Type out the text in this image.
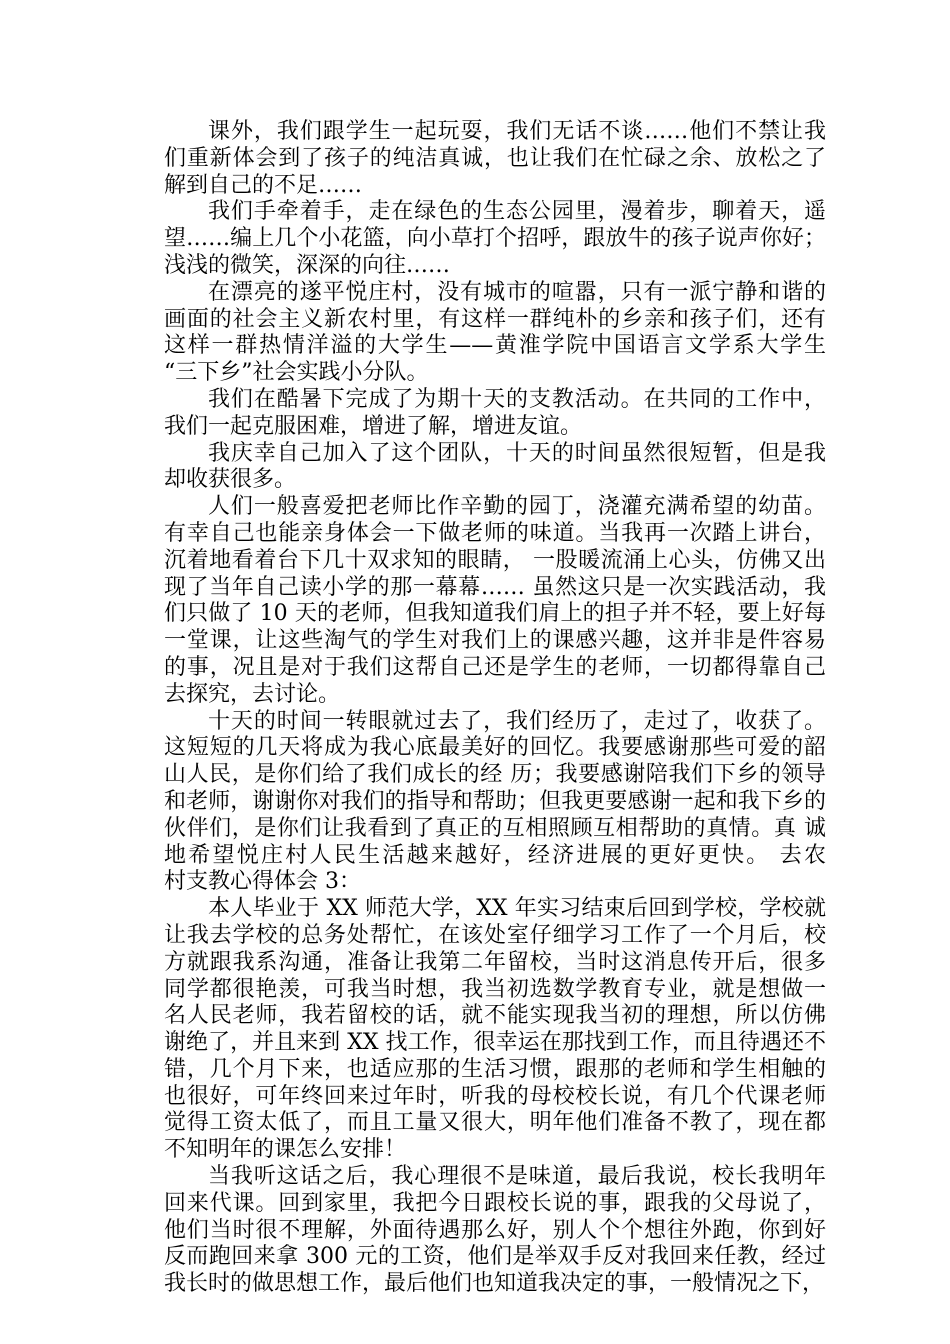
课外，我们跟学生一起玩耍，我们无话不谈……他们不禁让我
们重新体会到了孩子的纯洁真诚，也让我们在忙碌之余、放松之了
解到自己的不足……
我们手牵着手，走在绿色的生态公园里，漫着步，聊着天，遥
望……编上几个小花篮，向小草打个招呼，跟放牛的孩子说声你好；
浅浅的微笑，深深的向往……
在漂亮的遂平悦庄村，没有城市的喧嚣，只有一派宁静和谐的
画面的社会主义新农村里，有这样一群纯朴的乡亲和孩子们，还有
这样一群热情洋溢的大学生——黄淮学院中国语言文学系大学生
“三下乡”社会实践小分队。
我们在酷暑下完成了为期十天的支教活动。在共同的工作中，
我们一起克服困难，增进了解，增进友谊。
我庆幸自己加入了这个团队，十天的时间虽然很短暂，但是我
却收获很多。
人们一般喜爱把老师比作辛勤的园丁，浇灌充满希望的幼苗。
有幸自己也能亲身体会一下做老师的味道。当我再一次踏上讲台，
沉着地看着台下几十双求知的眼睛， 一股暖流涌上心头，仿佛又出
现了当年自己读小学的那一幕幕…… 虽然这只是一次实践活动，我
们只做了 10 天的老师，但我知道我们肩上的担子并不轻，要上好每
一堂课，让这些淘气的学生对我们上的课感兴趣，这并非是件容易
的事，况且是对于我们这帮自己还是学生的老师，一切都得靠自己
去探究，去讨论。
十天的时间一转眼就过去了，我们经历了，走过了，收获了。
这短短的几天将成为我心底最美好的回忆。我要感谢那些可爱的韶
山人民，是你们给了我们成长的经 历；我要感谢陪我们下乡的领导
和老师，谢谢你对我们的指导和帮助；但我更要感谢一起和我下乡的
伙伴们，是你们让我看到了真正的互相照顾互相帮助的真情。真 诚
地希望悦庄村人民生活越来越好，经济进展的更好更快。 去农
村支教心得体会 3：
本人毕业于 XX 师范大学，XX 年实习结束后回到学校，学校就
让我去学校的总务处帮忙，在该处室仔细学习工作了一个月后，校
方就跟我系沟通，准备让我第二年留校，当时这消息传开后，很多
同学都很艳羡，可我当时想，我当初选数学教育专业，就是想做一
名人民老师，我若留校的话，就不能实现我当初的理想，所以仿佛
谢绝了，并且来到 XX 找工作，很幸运在那找到工作，而且待遇还不
错，几个月下来，也适应那的生活习惯，跟那的老师和学生相触的
也很好，可年终回来过年时，听我的母校校长说，有几个代课老师
觉得工资太低了，而且工量又很大，明年他们准备不教了，现在都
不知明年的课怎么安排！
当我听这话之后，我心理很不是味道，最后我说，校长我明年
回来代课。回到家里，我把今日跟校长说的事，跟我的父母说了，
他们当时很不理解，外面待遇那么好，别人个个想往外跑，你到好
反而跑回来拿 300 元的工资，他们是举双手反对我回来任教，经过
我长时的做思想工作，最后他们也知道我决定的事，一般情况之下，
